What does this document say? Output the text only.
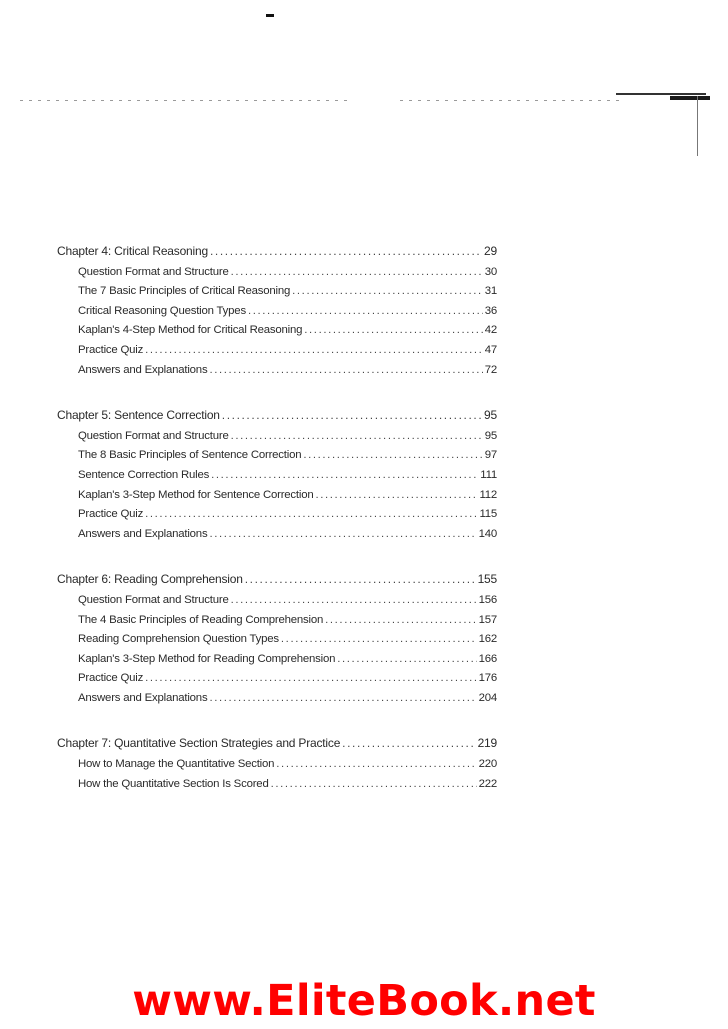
Chapter 4: Critical Reasoning .....	29
Question Format and Structure .....	30
The 7 Basic Principles of Critical Reasoning .....	31
Critical Reasoning Question Types .....	36
Kaplan's 4-Step Method for Critical Reasoning .....	42
Practice Quiz .....	47
Answers and Explanations .....	72
Chapter 5: Sentence Correction .....	95
Question Format and Structure .....	95
The 8 Basic Principles of Sentence Correction .....	97
Sentence Correction Rules .....	111
Kaplan's 3-Step Method for Sentence Correction .....	112
Practice Quiz .....	115
Answers and Explanations .....	140
Chapter 6: Reading Comprehension .....	155
Question Format and Structure .....	156
The 4 Basic Principles of Reading Comprehension .....	157
Reading Comprehension Question Types .....	162
Kaplan's 3-Step Method for Reading Comprehension .....	166
Practice Quiz .....	176
Answers and Explanations .....	204
Chapter 7: Quantitative Section Strategies and Practice .....	219
How to Manage the Quantitative Section .....	220
How the Quantitative Section Is Scored .....	222
www.EliteBook.net
